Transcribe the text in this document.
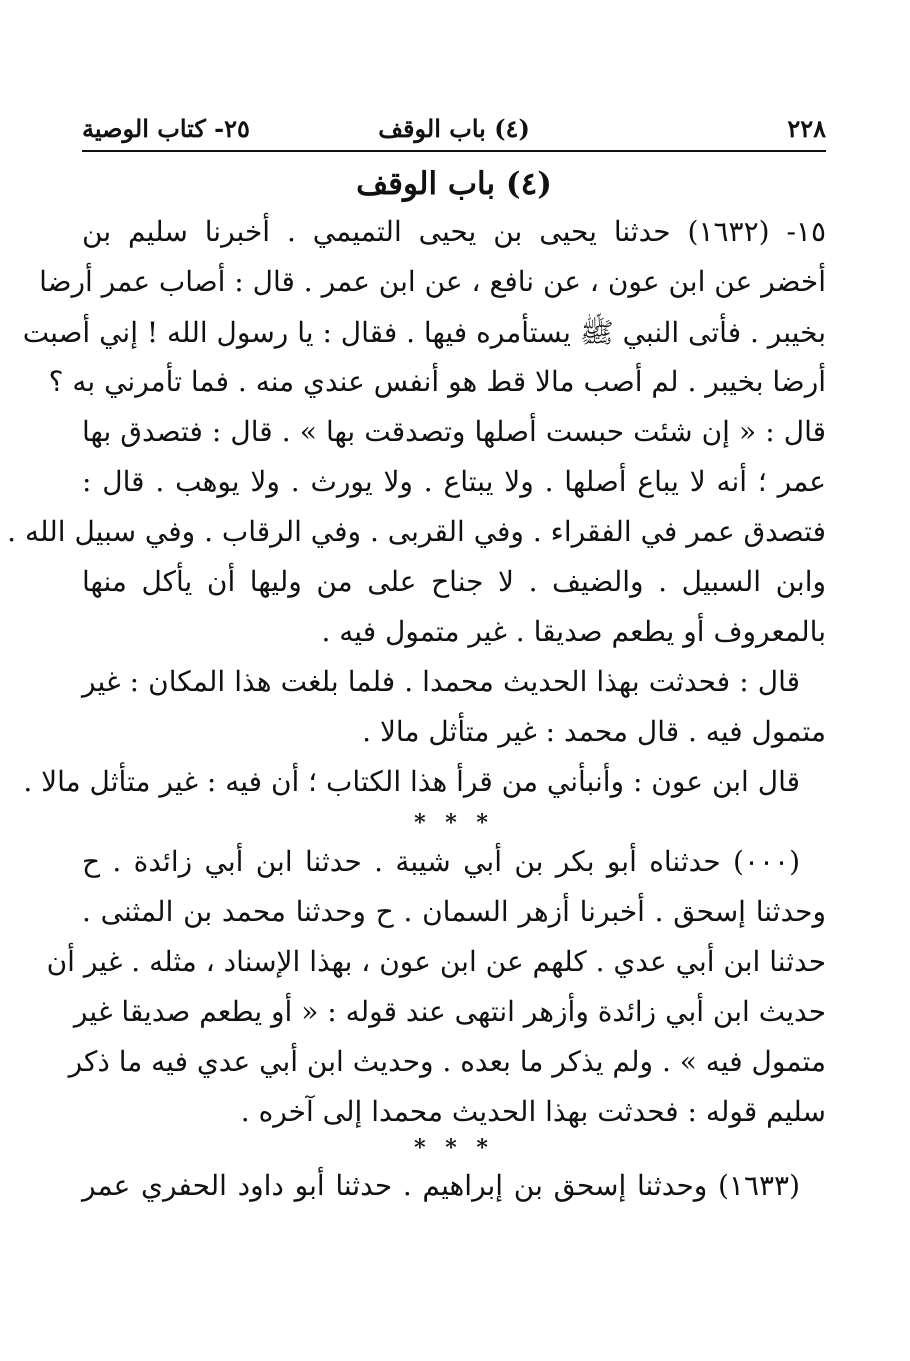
٢٢٨
(٤) باب الوقف
٢٥- كتاب الوصية
(٤) باب الوقف
١٥- (١٦٣٢) حدثنا يحيى بن يحيى التميمي . أخبرنا سليم بن
أخضر عن ابن عون ، عن نافع ، عن ابن عمر . قال : أصاب عمر أرضا
بخيبر . فأتى النبي ﷺ يستأمره فيها . فقال : يا رسول الله ! إني أصبت
أرضا بخيبر . لم أصب مالا قط هو أنفس عندي منه . فما تأمرني به ؟
قال : « إن شئت حبست أصلها وتصدقت بها » . قال : فتصدق بها
عمر ؛ أنه لا يباع أصلها . ولا يبتاع . ولا يورث . ولا يوهب . قال :
فتصدق عمر في الفقراء . وفي القربى . وفي الرقاب . وفي سبيل الله .
وابن السبيل . والضيف . لا جناح على من وليها أن يأكل منها
بالمعروف أو يطعم صديقا . غير متمول فيه .
قال : فحدثت بهذا الحديث محمدا . فلما بلغت هذا المكان : غير
متمول فيه . قال محمد : غير متأثل مالا .
قال ابن عون : وأنبأني من قرأ هذا الكتاب ؛ أن فيه : غير متأثل مالا .
* * *
(٠٠٠) حدثناه أبو بكر بن أبي شيبة . حدثنا ابن أبي زائدة . ح
وحدثنا إسحق . أخبرنا أزهر السمان . ح وحدثنا محمد بن المثنى .
حدثنا ابن أبي عدي . كلهم عن ابن عون ، بهذا الإسناد ، مثله . غير أن
حديث ابن أبي زائدة وأزهر انتهى عند قوله : « أو يطعم صديقا غير
متمول فيه » . ولم يذكر ما بعده . وحديث ابن أبي عدي فيه ما ذكر
سليم قوله : فحدثت بهذا الحديث محمدا إلى آخره .
* * *
(١٦٣٣) وحدثنا إسحق بن إبراهيم . حدثنا أبو داود الحفري عمر
